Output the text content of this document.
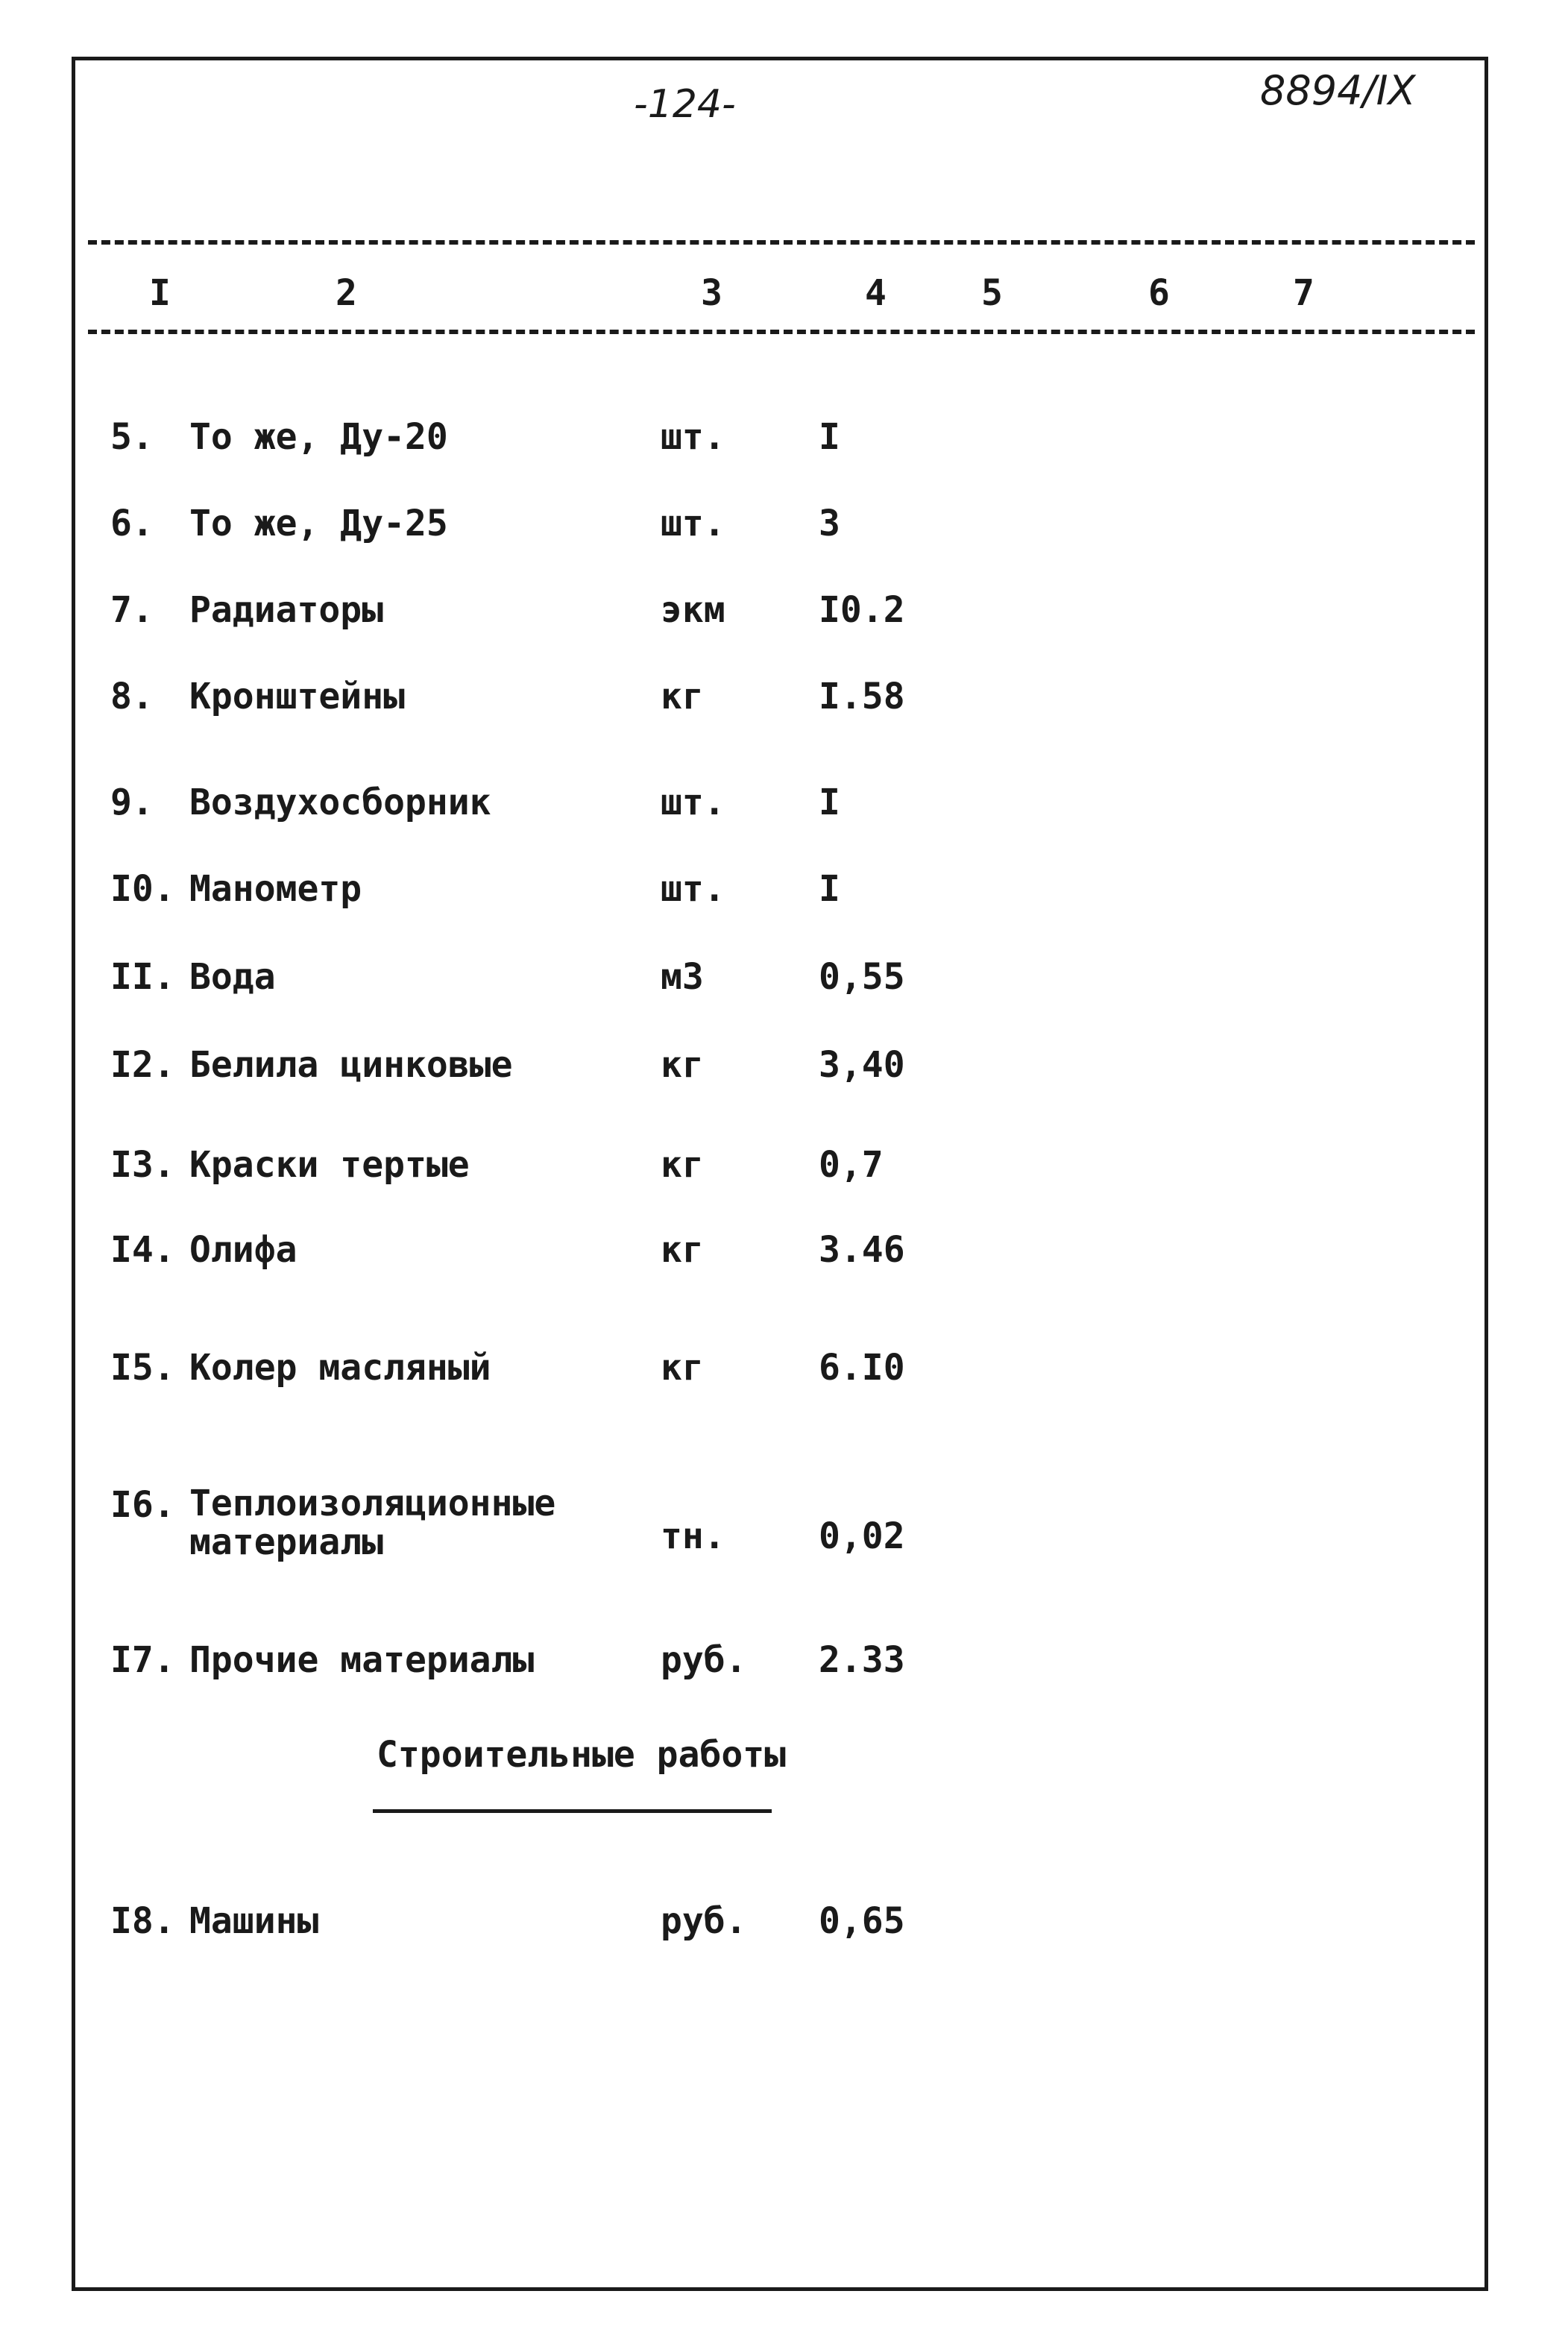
-124-	8894/IX
I	2	3	4	5	6	7
5. То же, Ду-20	шт.	I
6. То же, Ду-25	шт.	3
7. Радиаторы	экм	I0.2
8. Кронштейны	кг	I.58
9. Воздухосборник	шт.	I
I0. Манометр	шт.	I
II. Вода	м3	0,55
I2. Белила цинковые	кг	3,40
I3. Краски тертые	кг	0,7
I4. Олифа	кг	3.46
I5. Колер масляный	кг	6.I0
I6. Теплоизоляционные
материалы	тн.	0,02
I7. Прочие материалы	руб. 2.33
Строительные работы
I8. Машины	руб. 0,65
